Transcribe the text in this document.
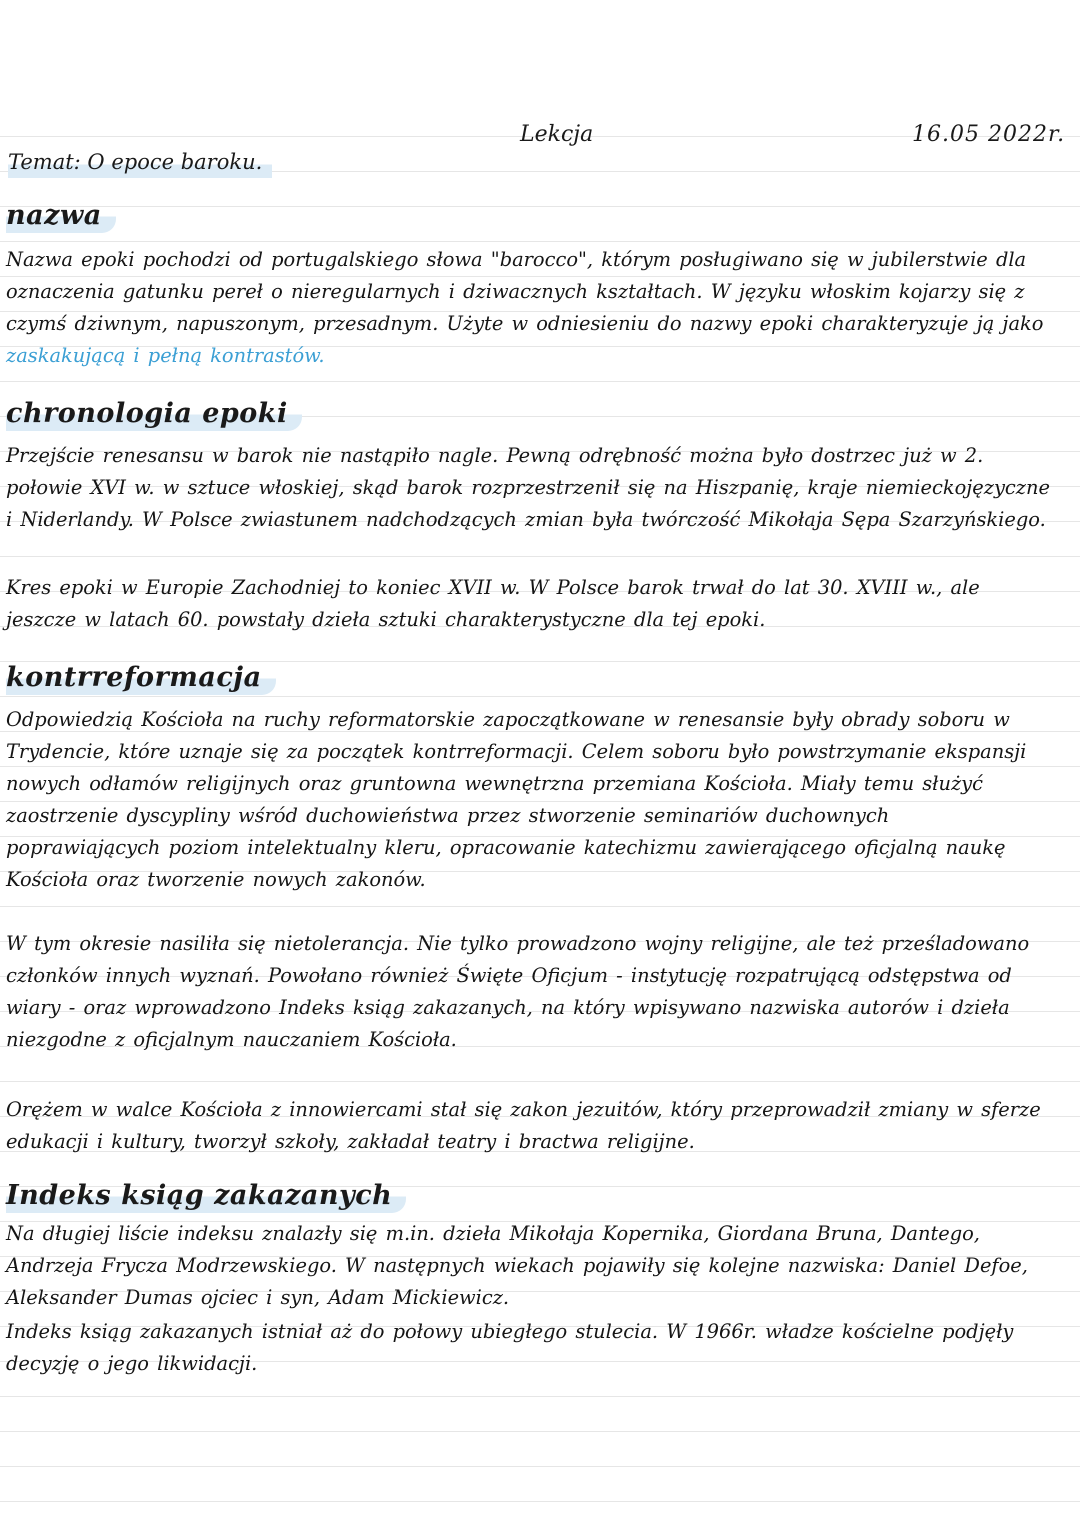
Lekcja	16.05 2022r.
Temat: O epoce baroku.
nazwa
Nazwa epoki pochodzi od portugalskiego słowa "barocco", którym posługiwano się w jubilerstwie dla oznaczenia gatunku pereł o nieregularnych i dziwacznych kształtach. W języku włoskim kojarzy się z czymś dziwnym, napuszonym, przesadnym. Użyte w odniesieniu do nazwy epoki charakteryzuje ją jako zaskakującą i pełną kontrastów.
chronologia epoki
Przejście renesansu w barok nie nastąpiło nagle. Pewną odrębność można było dostrzec już w 2. połowie XVI w. w sztuce włoskiej, skąd barok rozprzestrzenił się na Hiszpanię, kraje niemieckojęzyczne i Niderlandy. W Polsce zwiastunem nadchodzących zmian była twórczość Mikołaja Sępa Szarzyńskiego.
Kres epoki w Europie Zachodniej to koniec XVII w. W Polsce barok trwał do lat 30. XVIII w., ale jeszcze w latach 60. powstały dzieła sztuki charakterystyczne dla tej epoki.
kontrreformacja
Odpowiedzią Kościoła na ruchy reformatorskie zapoczątkowane w renesansie były obrady soboru w Trydencie, które uznaje się za początek kontrreformacji. Celem soboru było powstrzymanie ekspansji nowych odłamów religijnych oraz gruntowna wewnętrzna przemiana Kościoła. Miały temu służyć zaostrzenie dyscypliny wśród duchowieństwa przez stworzenie seminariów duchownych poprawiających poziom intelektualny kleru, opracowanie katechizmu zawierającego oficjalną naukę Kościoła oraz tworzenie nowych zakonów.
W tym okresie nasiliła się nietolerancja. Nie tylko prowadzono wojny religijne, ale też prześladowano członków innych wyznań. Powołano również Święte Oficjum - instytucję rozpatrującą odstępstwa od wiary - oraz wprowadzono Indeks ksiąg zakazanych, na który wpisywano nazwiska autorów i dzieła niezgodne z oficjalnym nauczaniem Kościoła.
Orężem w walce Kościoła z innowiercami stał się zakon jezuitów, który przeprowadził zmiany w sferze edukacji i kultury, tworzył szkoły, zakładał teatry i bractwa religijne.
Indeks ksiąg zakazanych
Na długiej liście indeksu znalazły się m.in. dzieła Mikołaja Kopernika, Giordana Bruna, Dantego, Andrzeja Frycza Modrzewskiego. W następnych wiekach pojawiły się kolejne nazwiska: Daniel Defoe, Aleksander Dumas ojciec i syn, Adam Mickiewicz.
Indeks ksiąg zakazanych istniał aż do połowy ubiegłego stulecia. W 1966r. władze kościelne podjęły decyzję o jego likwidacji.
